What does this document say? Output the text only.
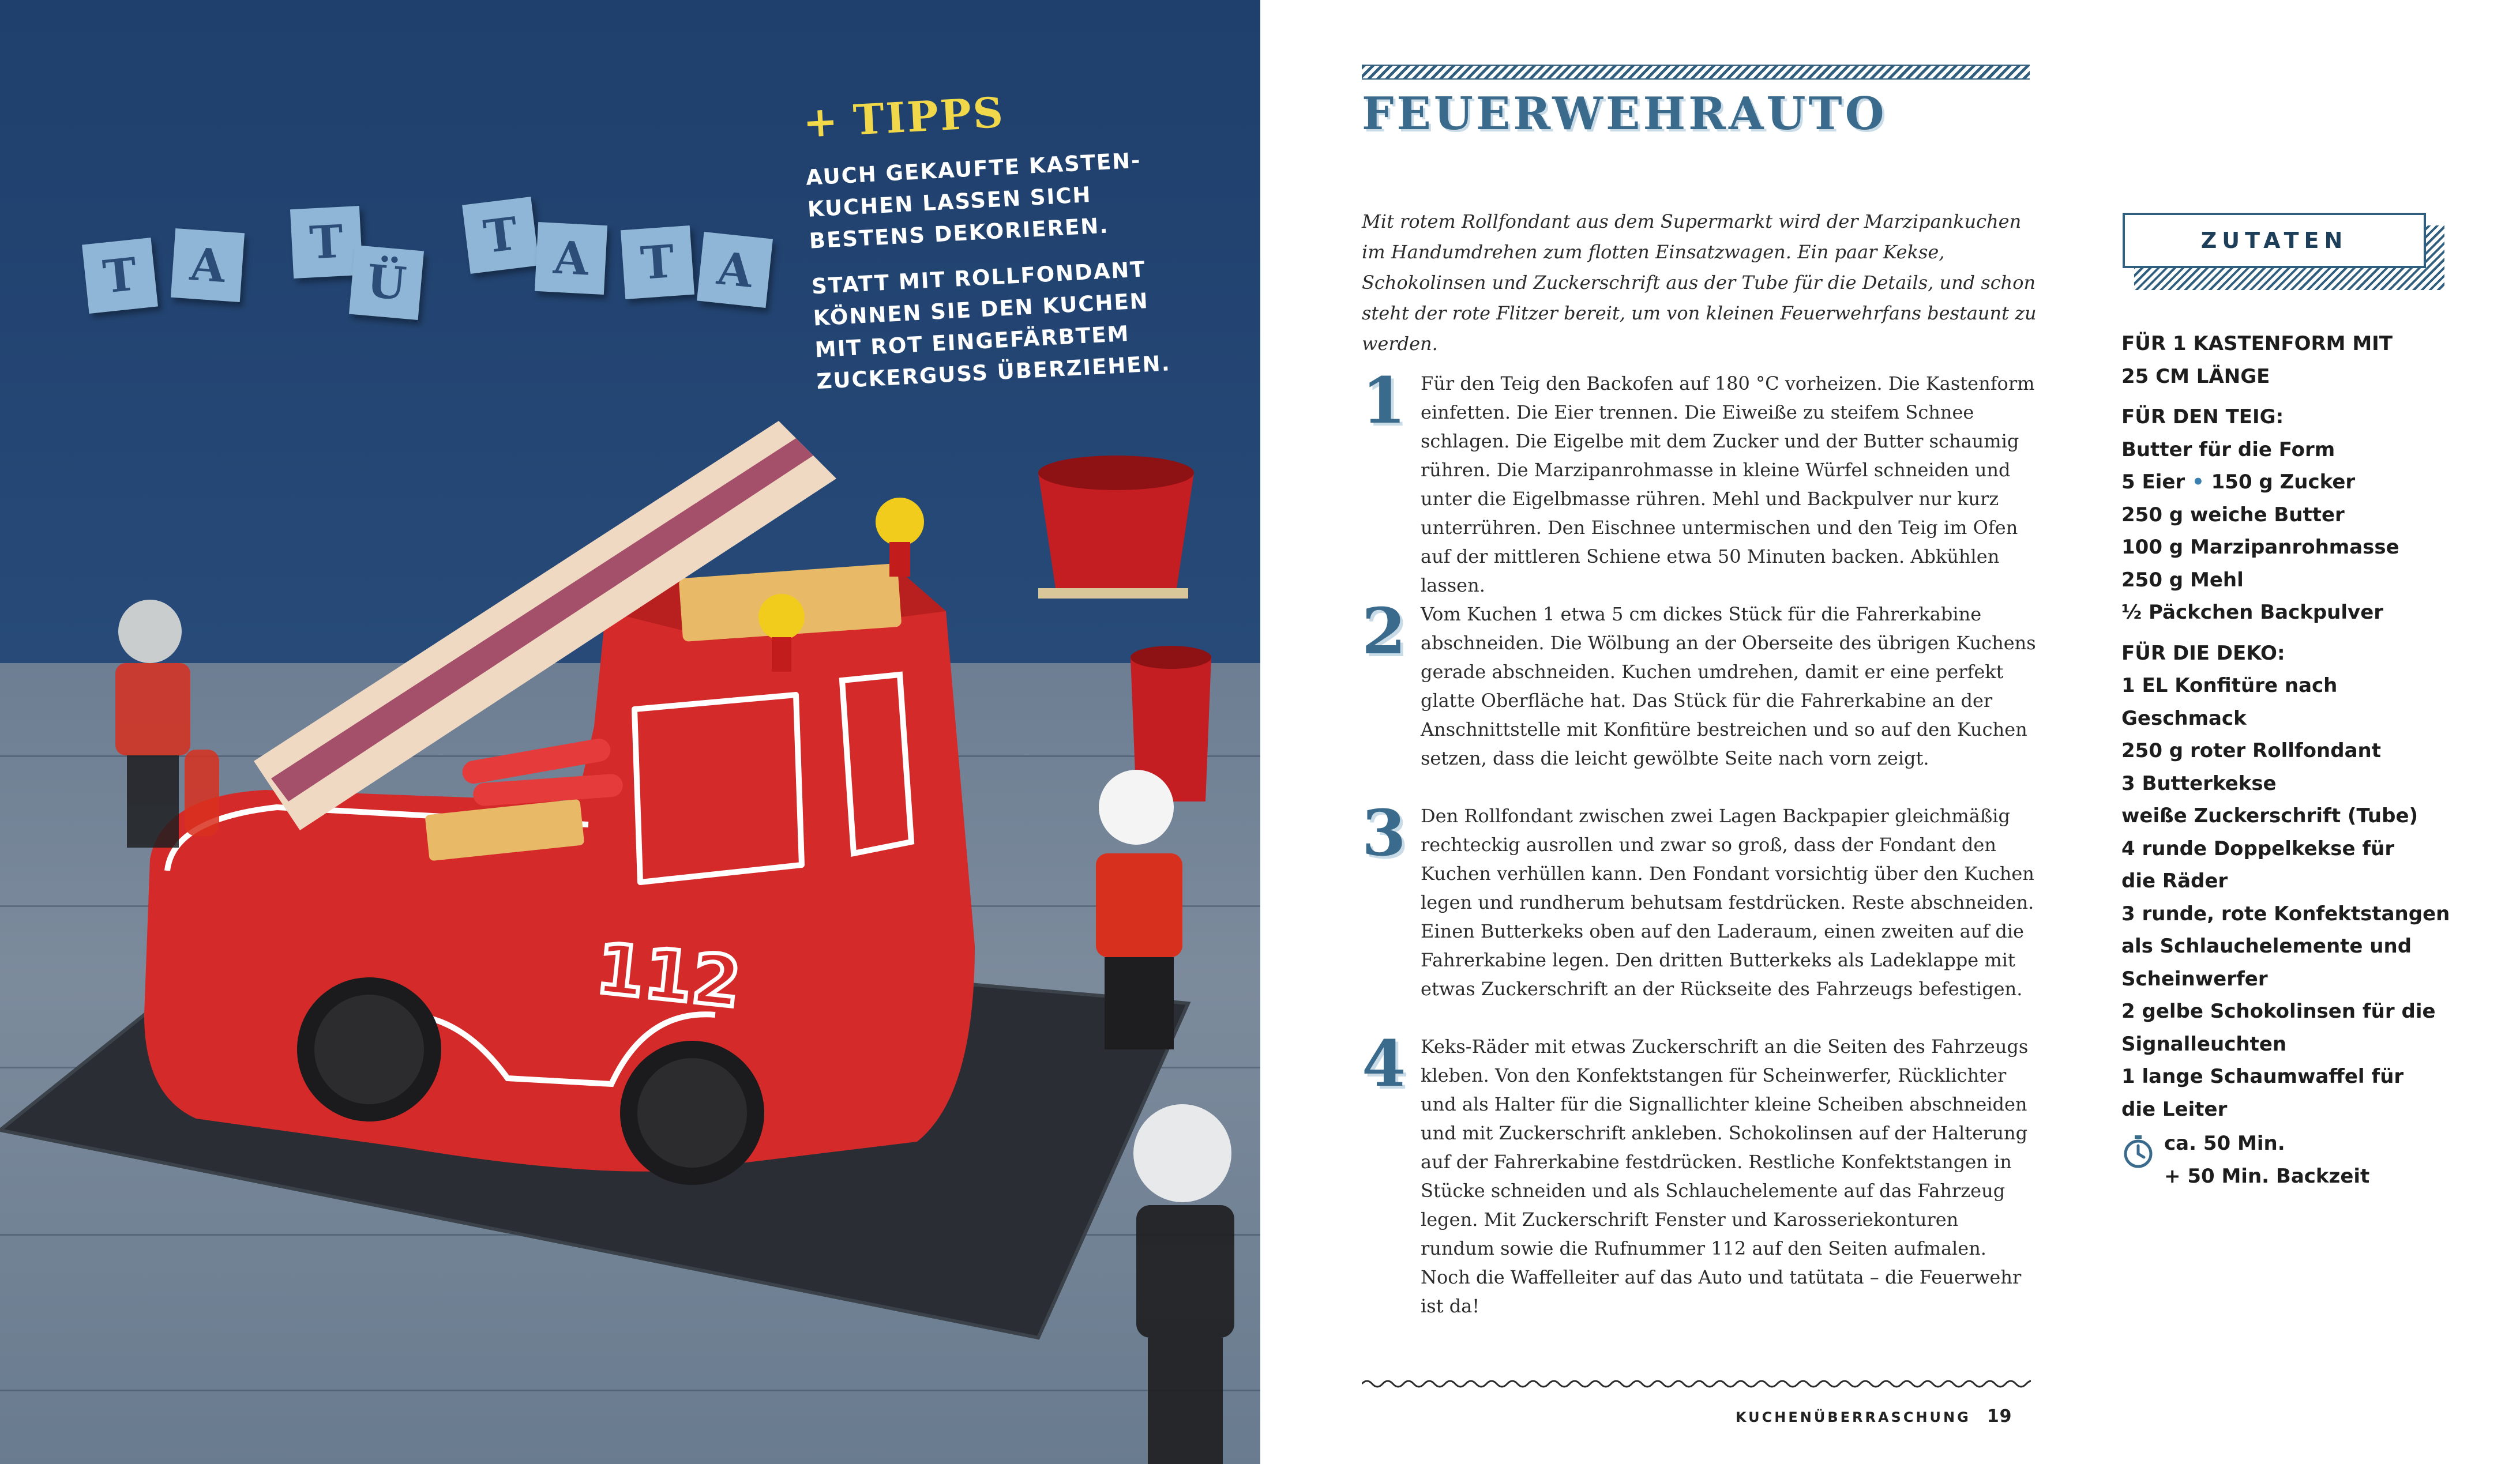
T A T
Ü
T A T A
112
+ TIPPS
AUCH GEKAUFTE KASTEN-KUCHEN LASSEN SICH BESTENS DEKORIEREN.
STATT MIT ROLLFONDANT KÖNNEN SIE DEN KUCHEN MIT ROT EINGEFÄRBTEM ZUCKERGUSS ÜBERZIEHEN.
FEUERWEHRAUTO
Mit rotem Rollfondant aus dem Supermarkt wird der Marzipankuchen im Handumdrehen zum flotten Einsatzwagen. Ein paar Kekse, Schokolinsen und Zuckerschrift aus der Tube für die Details, und schon steht der rote Flitzer bereit, um von kleinen Feuerwehrfans bestaunt zu werden.
1 Für den Teig den Backofen auf 180 °C vorheizen. Die Kastenform einfetten. Die Eier trennen. Die Eiweiße zu steifem Schnee schlagen. Die Eigelbe mit dem Zucker und der Butter schaumig rühren. Die Marzipanrohmasse in kleine Würfel schneiden und unter die Eigelbmasse rühren. Mehl und Backpulver nur kurz unterrühren. Den Eischnee untermischen und den Teig im Ofen auf der mittleren Schiene etwa 50 Minuten backen. Abkühlen lassen.
2 Vom Kuchen 1 etwa 5 cm dickes Stück für die Fahrerkabine abschneiden. Die Wölbung an der Oberseite des übrigen Kuchens gerade abschneiden. Kuchen umdrehen, damit er eine perfekt glatte Oberfläche hat. Das Stück für die Fahrerkabine an der Anschnittstelle mit Konfitüre bestreichen und so auf den Kuchen setzen, dass die leicht gewölbte Seite nach vorn zeigt.
3 Den Rollfondant zwischen zwei Lagen Backpapier gleichmäßig rechteckig ausrollen und zwar so groß, dass der Fondant den Kuchen verhüllen kann. Den Fondant vorsichtig über den Kuchen legen und rundherum behutsam festdrücken. Reste abschneiden. Einen Butterkeks oben auf den Laderaum, einen zweiten auf die Fahrerkabine legen. Den dritten Butterkeks als Ladeklappe mit etwas Zuckerschrift an der Rückseite des Fahrzeugs befestigen.
4 Keks-Räder mit etwas Zuckerschrift an die Seiten des Fahrzeugs kleben. Von den Konfektstangen für Scheinwerfer, Rücklichter und als Halter für die Signallichter kleine Scheiben abschneiden und mit Zuckerschrift ankleben. Schokolinsen auf der Halterung auf der Fahrerkabine festdrücken. Restliche Konfektstangen in Stücke schneiden und als Schlauchelemente auf das Fahrzeug legen. Mit Zuckerschrift Fenster und Karosseriekonturen rundum sowie die Rufnummer 112 auf den Seiten aufmalen. Noch die Waffelleiter auf das Auto und tatütata – die Feuerwehr ist da!
KUCHENÜBERRASCHUNG 19
ZUTATEN
FÜR 1 KASTENFORM MIT
25 CM LÄNGE
FÜR DEN TEIG:
Butter für die Form
5 Eier • 150 g Zucker
250 g weiche Butter
100 g Marzipanrohmasse
250 g Mehl
½ Päckchen Backpulver
FÜR DIE DEKO:
1 EL Konfitüre nach Geschmack
250 g roter Rollfondant
3 Butterkekse
weiße Zuckerschrift (Tube)
4 runde Doppelkekse für
die Räder
3 runde, rote Konfektstangen
als Schlauchelemente und
Scheinwerfer
2 gelbe Schokolinsen für die
Signalleuchten
1 lange Schaumwaffel für
die Leiter
ca. 50 Min.
+ 50 Min. Backzeit
